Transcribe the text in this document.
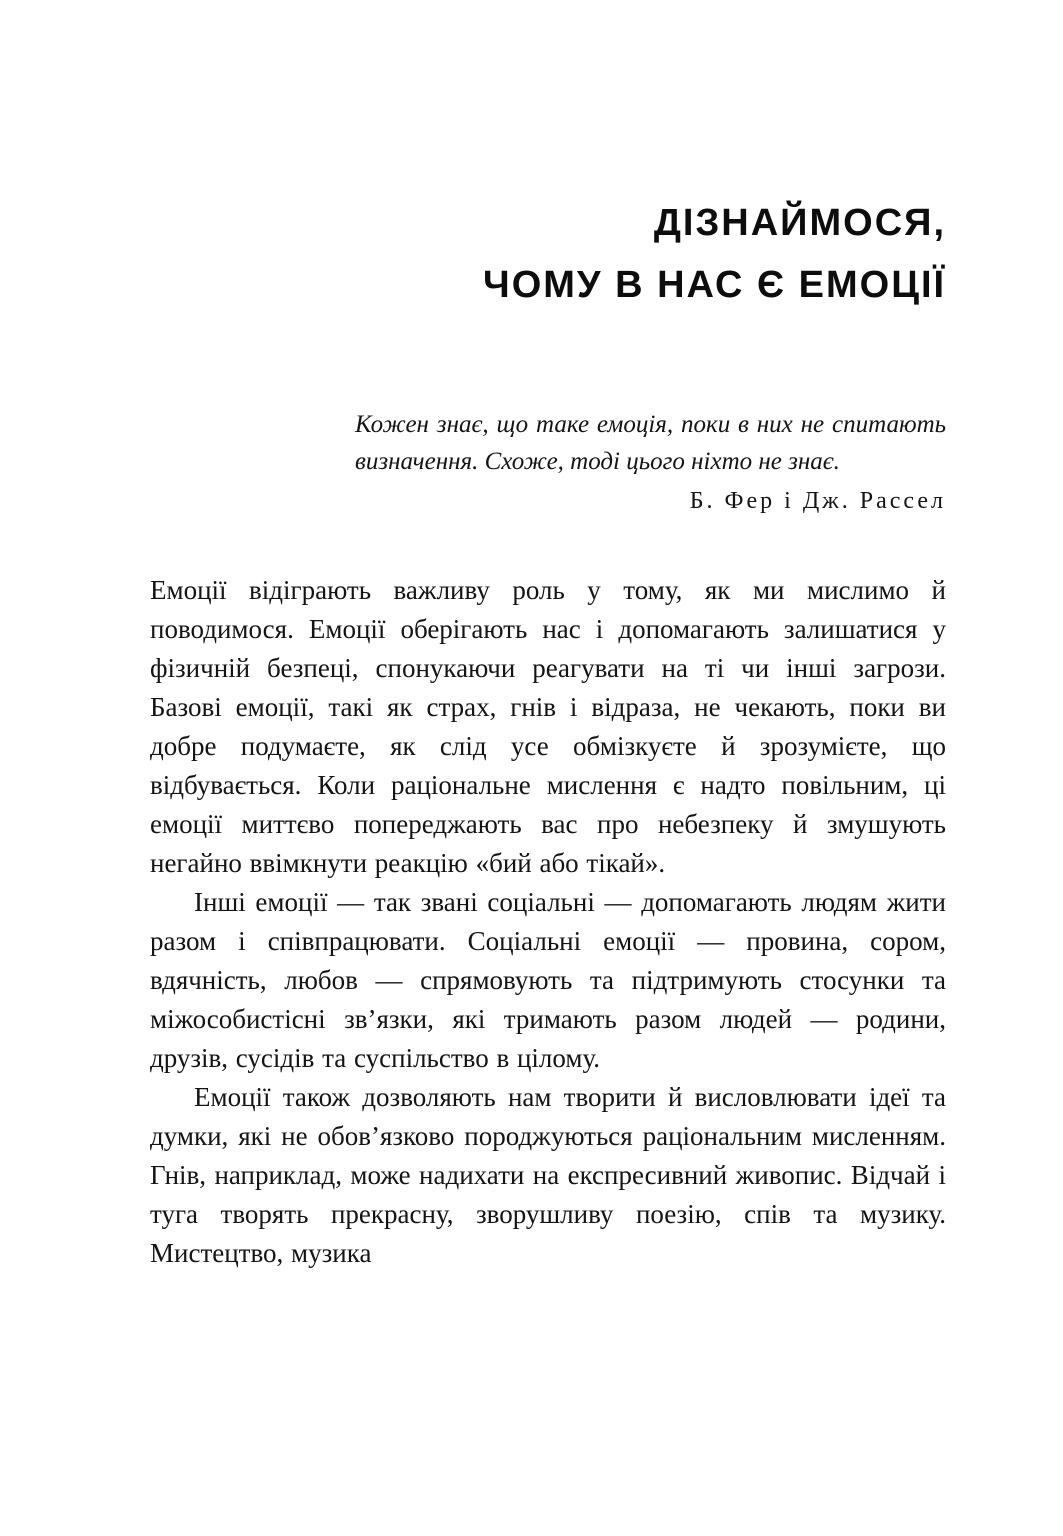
ДІЗНАЙМОСЯ,
ЧОМУ В НАС Є ЕМОЦІЇ

Кожен знає, що таке емоція, поки в них не спитають визначення. Схоже, тоді цього ніхто не знає.

Б. Фер і Дж. Рассел

Емоції відіграють важливу роль у тому, як ми мислимо й поводимося. Емоції оберігають нас і допомагають залишатися у фізичній безпеці, спонукаючи реагувати на ті чи інші загрози. Базові емоції, такі як страх, гнів і відраза, не чекають, поки ви добре подумаєте, як слід усе обмізкуєте й зрозумієте, що відбувається. Коли раціональне мислення є надто повільним, ці емоції миттєво попереджають вас про небезпеку й змушують негайно ввімкнути реакцію «бий або тікай».

Інші емоції — так звані соціальні — допомагають людям жити разом і співпрацювати. Соціальні емоції — провина, сором, вдячність, любов — спрямовують та підтримують стосунки та міжособистісні зв’язки, які тримають разом людей — родини, друзів, сусідів та суспільство в цілому.

Емоції також дозволяють нам творити й висловлювати ідеї та думки, які не обов’язково породжуються раціональним мисленням. Гнів, наприклад, може надихати на експресивний живопис. Відчай і туга творять прекрасну, зворушливу поезію, спів та музику. Мистецтво, музика
